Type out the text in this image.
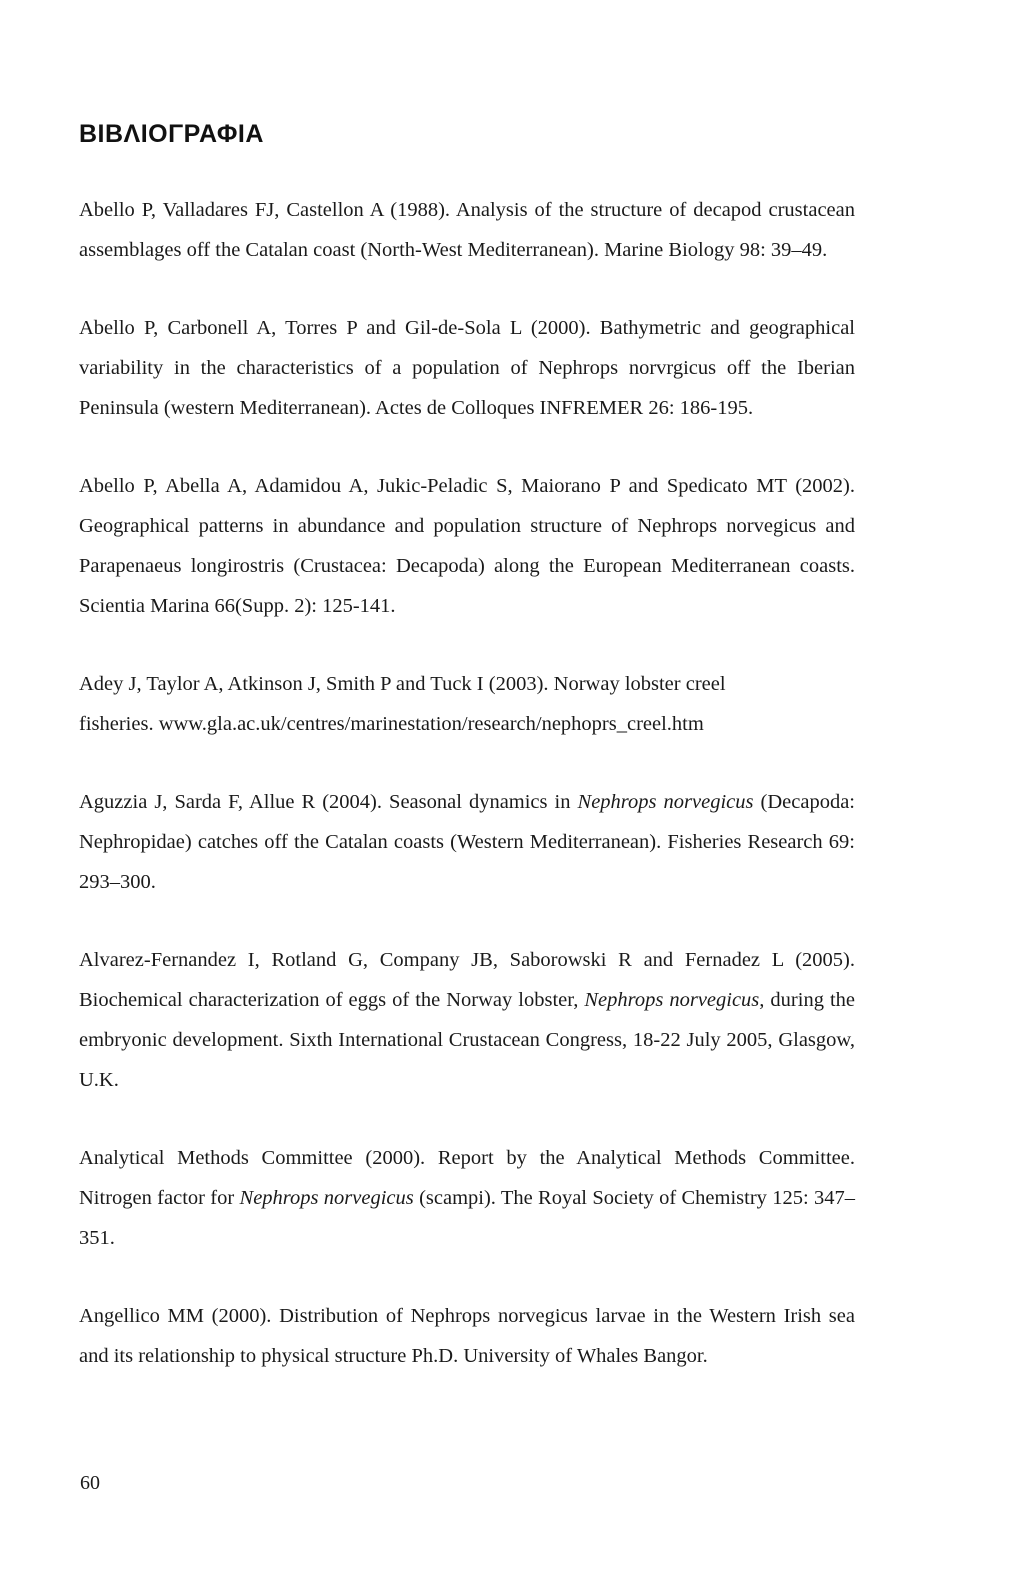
ΒΙΒΛΙΟΓΡΑΦΙΑ
Abello P, Valladares FJ, Castellon A (1988). Analysis of the structure of decapod crustacean assemblages off the Catalan coast (North-West Mediterranean). Marine Biology 98: 39–49.
Abello P, Carbonell A, Torres P and Gil-de-Sola L (2000). Bathymetric and geographical variability in the characteristics of a population of Nephrops norvrgicus off the Iberian Peninsula (western Mediterranean). Actes de Colloques INFREMER 26: 186-195.
Abello P, Abella A, Adamidou A, Jukic-Peladic S, Maiorano P and Spedicato MT (2002). Geographical patterns in abundance and population structure of Nephrops norvegicus and Parapenaeus longirostris (Crustacea: Decapoda) along the European Mediterranean coasts. Scientia Marina 66(Supp. 2): 125-141.
Adey J, Taylor A, Atkinson J, Smith P and Tuck I (2003). Norway lobster creel
fisheries. www.gla.ac.uk/centres/marinestation/research/nephoprs_creel.htm
Aguzzia J, Sarda F, Allue R (2004). Seasonal dynamics in Nephrops norvegicus (Decapoda: Nephropidae) catches off the Catalan coasts (Western Mediterranean). Fisheries Research 69: 293–300.
Alvarez-Fernandez I, Rotland G, Company JB, Saborowski R and Fernadez L (2005). Biochemical characterization of eggs of the Norway lobster, Nephrops norvegicus, during the embryonic development. Sixth International Crustacean Congress, 18-22 July 2005, Glasgow, U.K.
Analytical Methods Committee (2000). Report by the Analytical Methods Committee. Nitrogen factor for Nephrops norvegicus (scampi). The Royal Society of Chemistry 125: 347–351.
Angellico MM (2000). Distribution of Nephrops norvegicus larvae in the Western Irish sea and its relationship to physical structure Ph.D. University of Whales Bangor.
60
